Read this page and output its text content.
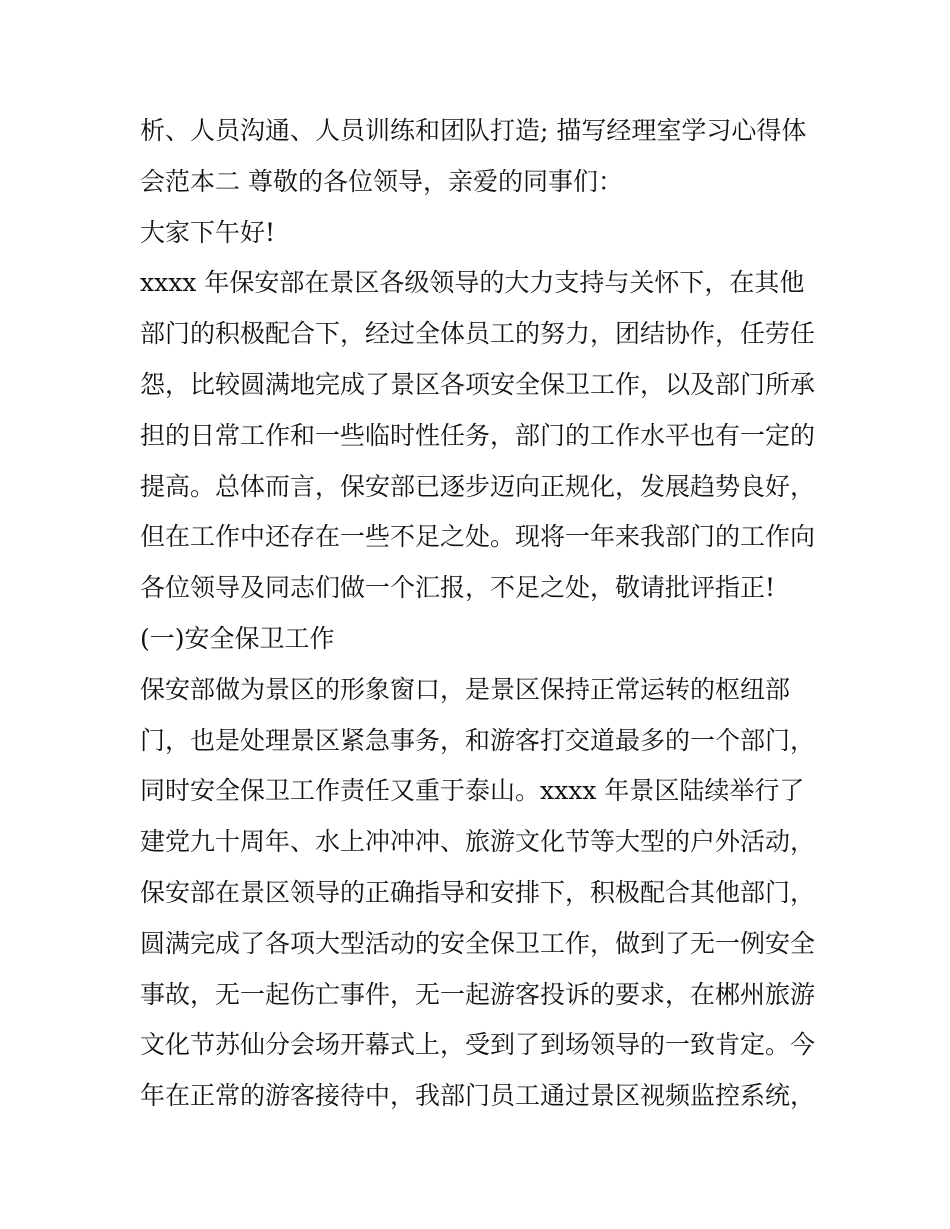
析、人员沟通、人员训练和团队打造; 描写经理室学习心得体
会范本二 尊敬的各位领导，亲爱的同事们：
大家下午好!
xxxx 年保安部在景区各级领导的大力支持与关怀下，在其他
部门的积极配合下，经过全体员工的努力，团结协作，任劳任
怨，比较圆满地完成了景区各项安全保卫工作，以及部门所承
担的日常工作和一些临时性任务，部门的工作水平也有一定的
提高。总体而言，保安部已逐步迈向正规化，发展趋势良好，
但在工作中还存在一些不足之处。现将一年来我部门的工作向
各位领导及同志们做一个汇报，不足之处，敬请批评指正!
(一)安全保卫工作
保安部做为景区的形象窗口，是景区保持正常运转的枢纽部
门，也是处理景区紧急事务，和游客打交道最多的一个部门，
同时安全保卫工作责任又重于泰山。xxxx 年景区陆续举行了
建党九十周年、水上冲冲冲、旅游文化节等大型的户外活动，
保安部在景区领导的正确指导和安排下，积极配合其他部门，
圆满完成了各项大型活动的安全保卫工作，做到了无一例安全
事故，无一起伤亡事件，无一起游客投诉的要求，在郴州旅游
文化节苏仙分会场开幕式上，受到了到场领导的一致肯定。今
年在正常的游客接待中，我部门员工通过景区视频监控系统，
